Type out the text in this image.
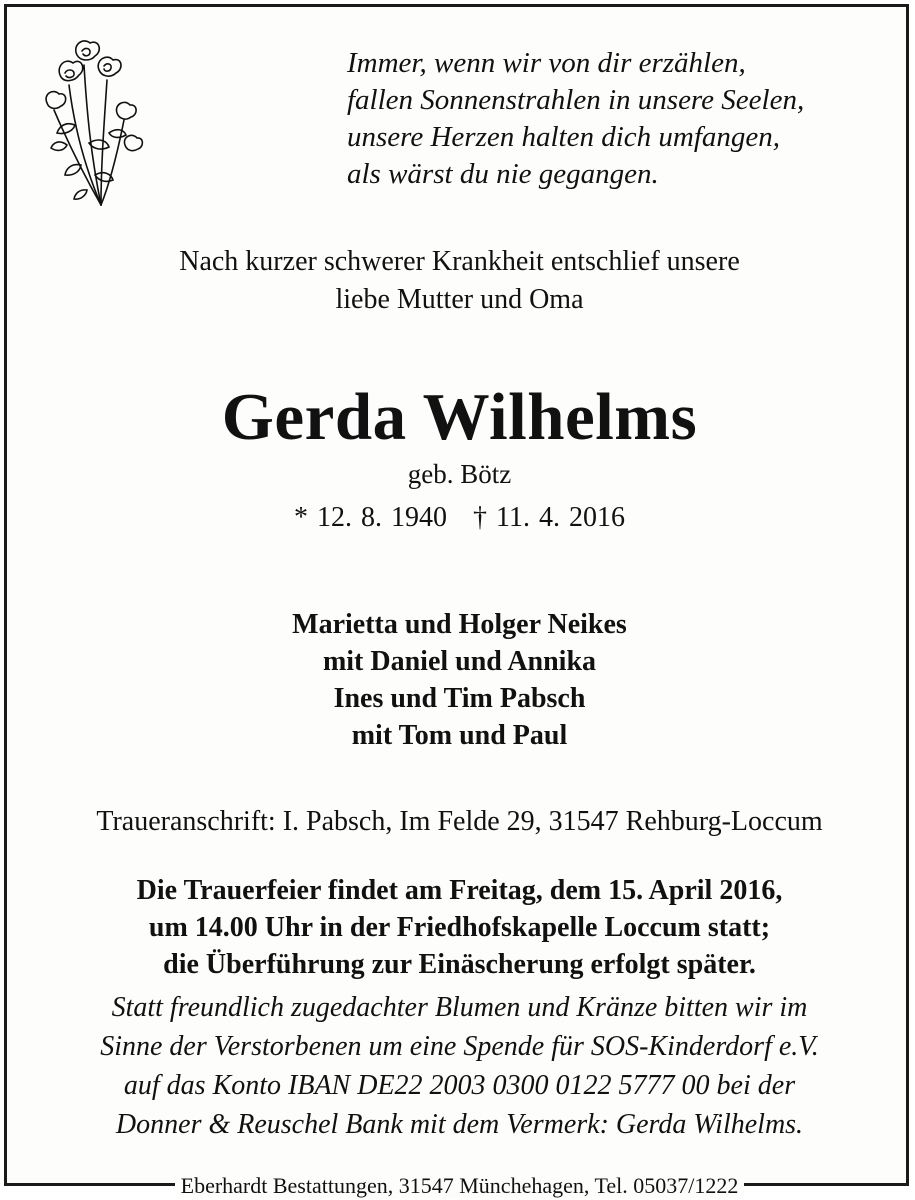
Immer, wenn wir von dir erzählen,
fallen Sonnenstrahlen in unsere Seelen,
unsere Herzen halten dich umfangen,
als wärst du nie gegangen.
Nach kurzer schwerer Krankheit entschlief unsere
liebe Mutter und Oma
Gerda Wilhelms
geb. Bötz
* 12. 8. 1940 † 11. 4. 2016
Marietta und Holger Neikes
mit Daniel und Annika
Ines und Tim Pabsch
mit Tom und Paul
Traueranschrift: I. Pabsch, Im Felde 29, 31547 Rehburg-Loccum
Die Trauerfeier findet am Freitag, dem 15. April 2016,
um 14.00 Uhr in der Friedhofskapelle Loccum statt;
die Überführung zur Einäscherung erfolgt später.
Statt freundlich zugedachter Blumen und Kränze bitten wir im
Sinne der Verstorbenen um eine Spende für SOS-Kinderdorf e.V.
auf das Konto IBAN DE22 2003 0300 0122 5777 00 bei der
Donner & Reuschel Bank mit dem Vermerk: Gerda Wilhelms.
Eberhardt Bestattungen, 31547 Münchehagen, Tel. 05037/1222
